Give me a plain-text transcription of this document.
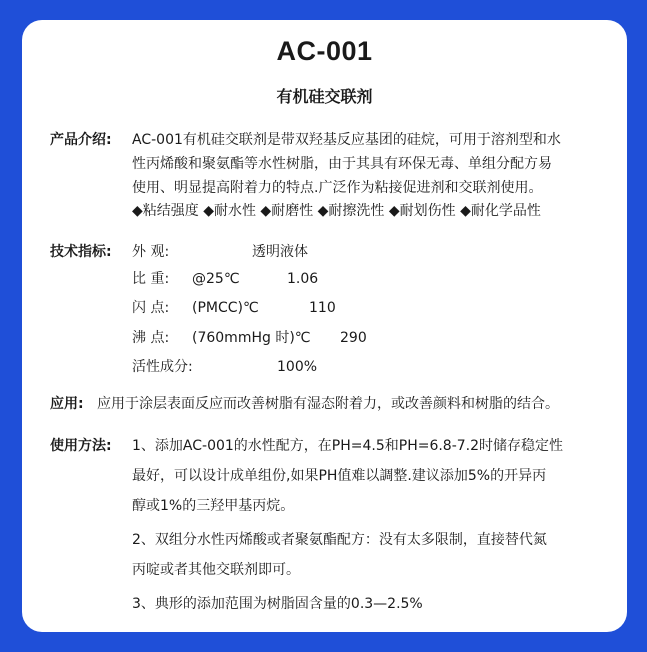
AC-001
有机硅交联剂
产品介绍: AC-001有机硅交联剂是带双羟基反应基团的硅烷，可用于溶剂型和水
性丙烯酸和聚氨酯等水性树脂，由于其具有环保无毒、单组分配方易
使用、明显提高附着力的特点.广泛作为粘接促进剂和交联剂使用。
◆粘结强度 ◆耐水性 ◆耐磨性 ◆耐擦洗性 ◆耐划伤性 ◆耐化学品性
技术指标: 外 观:	透明液体
比 重: @25℃	1.06
闪 点: (PMCC)℃	110
沸 点: (760mmHg 时)℃ 290
活性成分:	100%
应用: 应用于涂层表面反应而改善树脂有湿态附着力，或改善颜料和树脂的结合。
使用方法: 1、添加AC-001的水性配方，在PH=4.5和PH=6.8-7.2时储存稳定性
最好，可以设计成单组份,如果PH值难以調整.建议添加5%的开异丙
醇或1%的三羟甲基丙烷。
2、双组分水性丙烯酸或者聚氨酯配方：没有太多限制，直接替代氮
丙啶或者其他交联剂即可。
3、典形的添加范围为树脂固含量的0.3—2.5%
